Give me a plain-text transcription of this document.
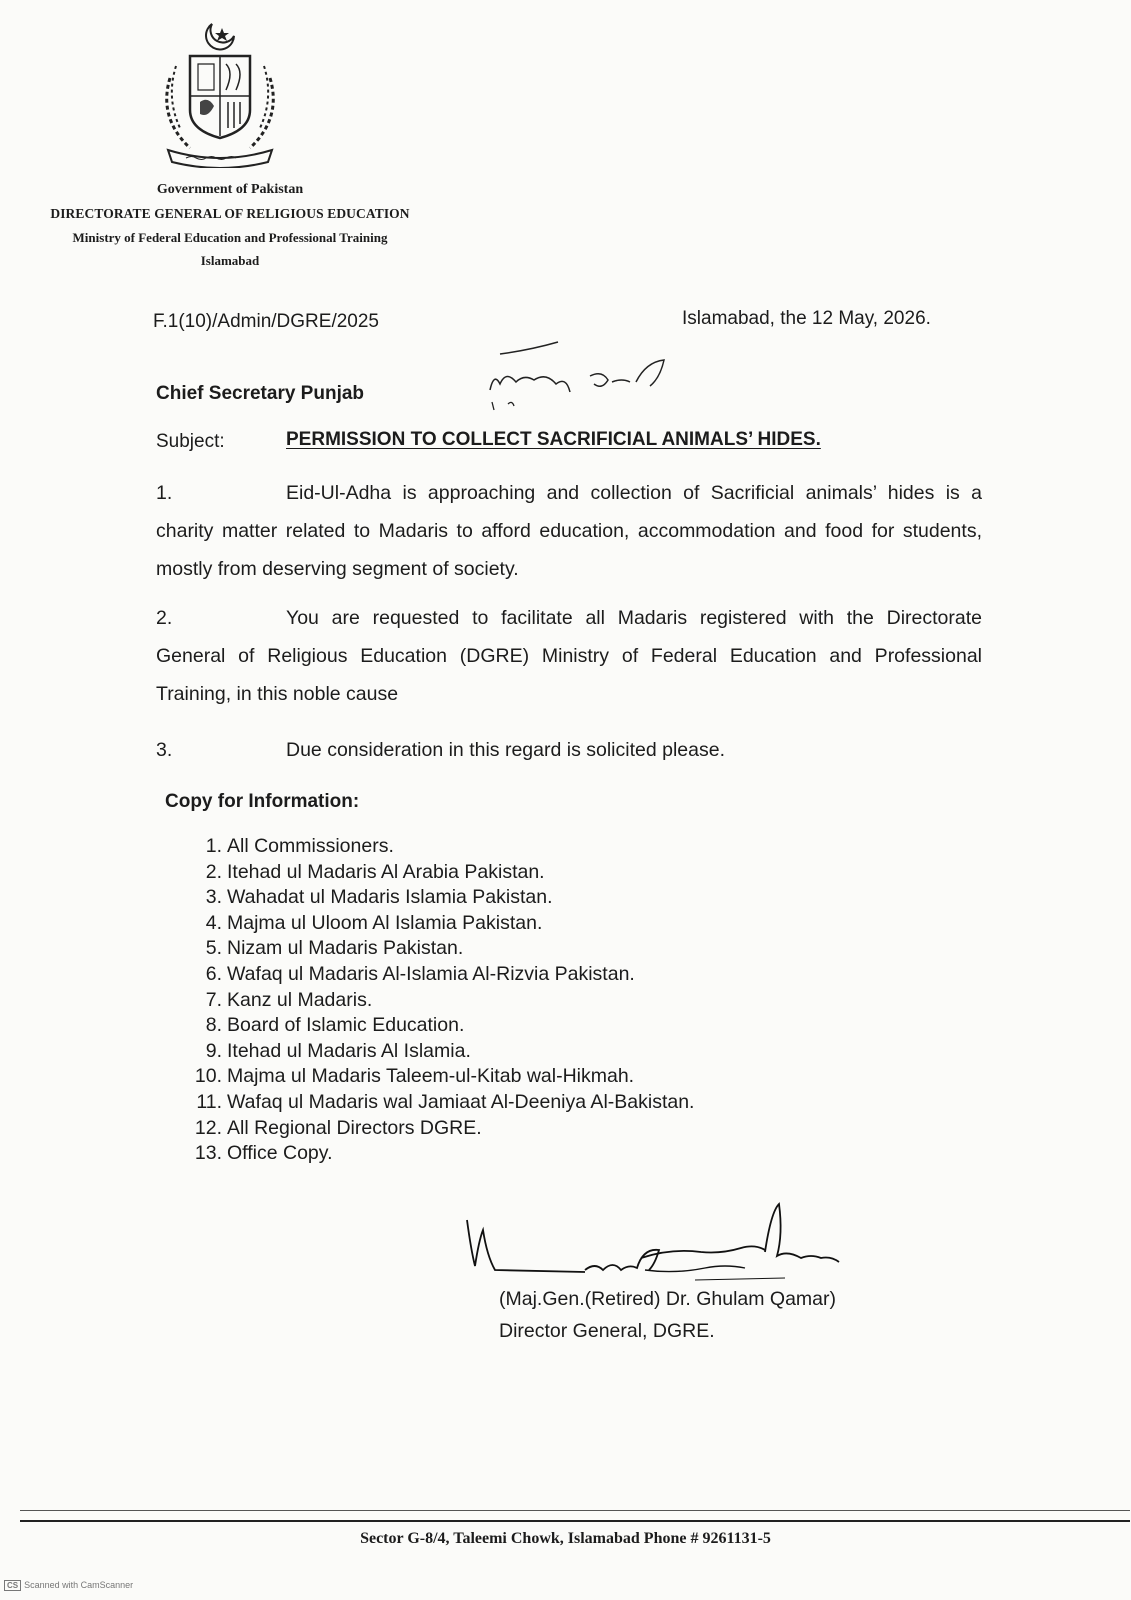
Government of Pakistan
DIRECTORATE GENERAL OF RELIGIOUS EDUCATION
Ministry of Federal Education and Professional Training
Islamabad
F.1(10)/Admin/DGRE/2025	Islamabad, the 12 May, 2026.
Chief Secretary Punjab
Subject:	PERMISSION TO COLLECT SACRIFICIAL ANIMALS’ HIDES.
1.	Eid-Ul-Adha is approaching and collection of Sacrificial animals’ hides is a charity matter related to Madaris to afford education, accommodation and food for students, mostly from deserving segment of society.
2.	You are requested to facilitate all Madaris registered with the Directorate General of Religious Education (DGRE) Ministry of Federal Education and Professional Training, in this noble cause
3.	Due consideration in this regard is solicited please.
Copy for Information:
1. All Commissioners.
2. Itehad ul Madaris Al Arabia Pakistan.
3. Wahadat ul Madaris Islamia Pakistan.
4. Majma ul Uloom Al Islamia Pakistan.
5. Nizam ul Madaris Pakistan.
6. Wafaq ul Madaris Al-Islamia Al-Rizvia Pakistan.
7. Kanz ul Madaris.
8. Board of Islamic Education.
9. Itehad ul Madaris Al Islamia.
10. Majma ul Madaris Taleem-ul-Kitab wal-Hikmah.
11. Wafaq ul Madaris wal Jamiaat Al-Deeniya Al-Bakistan.
12. All Regional Directors DGRE.
13. Office Copy.
(Maj.Gen.(Retired) Dr. Ghulam Qamar)
Director General, DGRE.
Sector G-8/4, Taleemi Chowk, Islamabad Phone # 9261131-5
CS Scanned with CamScanner
